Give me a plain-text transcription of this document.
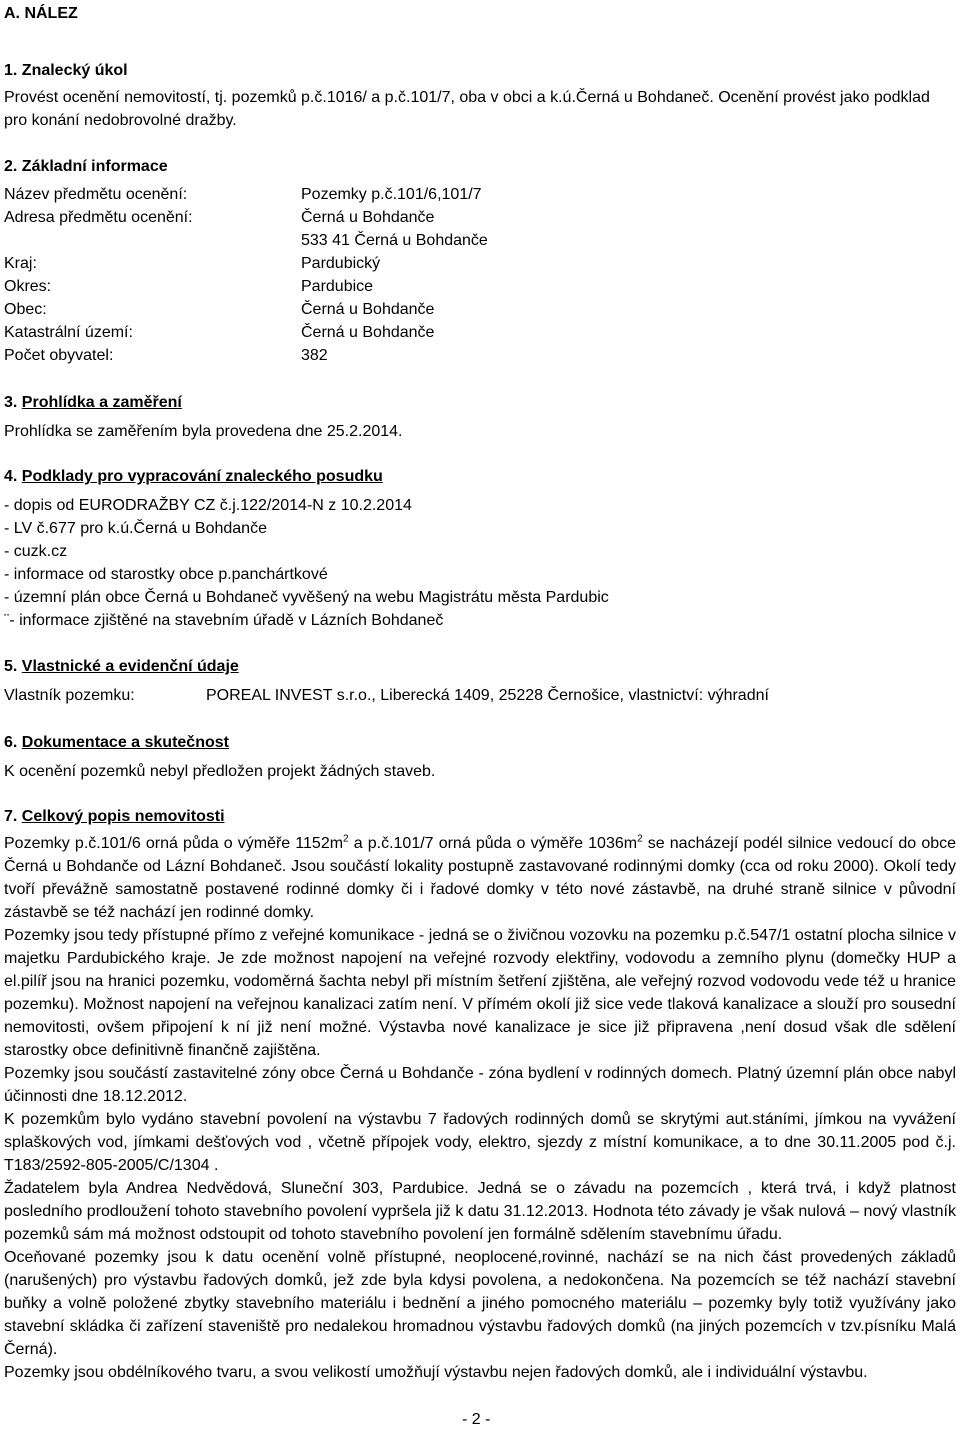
A. NÁLEZ
1. Znalecký úkol
Provést ocenění nemovitostí, tj. pozemků p.č.1016/ a p.č.101/7, oba v obci a k.ú.Černá u Bohdaneč. Ocenění provést jako podklad
pro konání nedobrovolné dražby.
2. Základní informace
Název předmětu ocenění:	Pozemky p.č.101/6,101/7
Adresa předmětu ocenění:	Černá u Bohdanče
533 41 Černá u Bohdanče
Kraj:	Pardubický
Okres:	Pardubice
Obec:	Černá u Bohdanče
Katastrální území:	Černá u Bohdanče
Počet obyvatel:	382
3. Prohlídka a zaměření
Prohlídka se zaměřením byla provedena dne 25.2.2014.
4. Podklady pro vypracování znaleckého posudku
- dopis od EURODRAŽBY CZ č.j.122/2014-N z 10.2.2014
- LV č.677 pro k.ú.Černá u Bohdanče
- cuzk.cz
- informace od starostky obce p.panchártkové
- územní plán obce Černá u Bohdaneč vyvěšený na webu Magistrátu města Pardubic
¨- informace zjištěné na stavebním úřadě v Lázních Bohdaneč
5. Vlastnické a evidenční údaje
Vlastník pozemku:	POREAL INVEST s.r.o., Liberecká 1409, 25228 Černošice, vlastnictví: výhradní
6. Dokumentace a skutečnost
K ocenění pozemků nebyl předložen projekt žádných staveb.
7. Celkový popis nemovitosti
Pozemky p.č.101/6 orná půda o výměře $1152m^2$ a p.č.101/7 orná půda o výměře $1036m^2$ se nacházejí podél silnice vedoucí do obce Černá u Bohdanče od Lázní Bohdaneč. Jsou součástí lokality postupně zastavované rodinnými domky (cca od roku 2000). Okolí tedy tvoří převážně samostatně postavené rodinné domky či i řadové domky v této nové zástavbě, na druhé straně silnice v původní zástavbě se též nachází jen rodinné domky.
Pozemky jsou tedy přístupné přímo z veřejné komunikace - jedná se o živičnou vozovku na pozemku p.č.547/1 ostatní plocha silnice v majetku Pardubického kraje. Je zde možnost napojení na veřejné rozvody elektřiny, vodovodu a zemního plynu (domečky HUP a el.pilíř jsou na hranici pozemku, vodoměrná šachta nebyl při místním šetření zjištěna, ale veřejný rozvod vodovodu vede též u hranice pozemku). Možnost napojení na veřejnou kanalizaci zatím není. V přímém okolí již sice vede tlaková kanalizace a slouží pro sousední nemovitosti, ovšem připojení k ní již není možné. Výstavba nové kanalizace je sice již připravena ,není dosud však dle sdělení starostky obce definitivně finančně zajištěna.
Pozemky jsou součástí zastavitelné zóny obce Černá u Bohdanče - zóna bydlení v rodinných domech. Platný územní plán obce nabyl účinnosti dne 18.12.2012.
K pozemkům bylo vydáno stavební povolení na výstavbu 7 řadových rodinných domů se skrytými aut.stáními, jímkou na vyvážení splaškových vod, jímkami dešťových vod , včetně přípojek vody, elektro, sjezdy z místní komunikace, a to dne 30.11.2005 pod č.j. T183/2592-805-2005/C/1304 .
Žadatelem byla Andrea Nedvědová, Sluneční 303, Pardubice. Jedná se o závadu na pozemcích , která trvá, i když platnost posledního prodloužení tohoto stavebního povolení vypršela již k datu 31.12.2013. Hodnota této závady je však nulová – nový vlastník pozemků sám má možnost odstoupit od tohoto stavebního povolení jen formálně sdělením stavebnímu úřadu.
Oceňované pozemky jsou k datu ocenění volně přístupné, neoplocené,rovinné, nachází se na nich část provedených základů (narušených) pro výstavbu řadových domků, jež zde byla kdysi povolena, a nedokončena. Na pozemcích se též nachází stavební buňky a volně položené zbytky stavebního materiálu i bednění a jiného pomocného materiálu – pozemky byly totiž využívány jako stavební skládka či zařízení staveniště pro nedalekou hromadnou výstavbu řadových domků (na jiných pozemcích v tzv.písníku Malá Černá).
Pozemky jsou obdélníkového tvaru, a svou velikostí umožňují výstavbu nejen řadových domků, ale i individuální výstavbu.
- 2 -
